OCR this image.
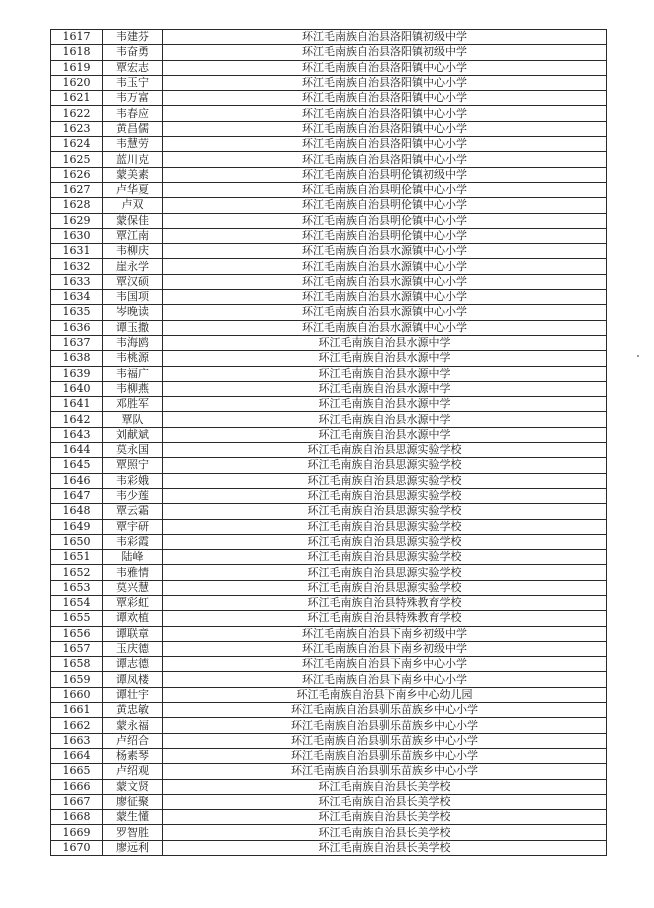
1617	韦建芬	环江毛南族自治县洛阳镇初级中学
1618	韦奋勇	环江毛南族自治县洛阳镇初级中学
1619	覃宏志	环江毛南族自治县洛阳镇中心小学
1620	韦玉宁	环江毛南族自治县洛阳镇中心小学
1621	韦万富	环江毛南族自治县洛阳镇中心小学
1622	韦春应	环江毛南族自治县洛阳镇中心小学
1623	黄昌儒	环江毛南族自治县洛阳镇中心小学
1624	韦慧劳	环江毛南族自治县洛阳镇中心小学
1625	蓝川克	环江毛南族自治县洛阳镇中心小学
1626	蒙美素	环江毛南族自治县明伦镇初级中学
1627	卢华夏	环江毛南族自治县明伦镇中心小学
1628	卢双	环江毛南族自治县明伦镇中心小学
1629	蒙保佳	环江毛南族自治县明伦镇中心小学
1630	覃江南	环江毛南族自治县明伦镇中心小学
1631	韦柳庆	环江毛南族自治县水源镇中心小学
1632	崖永学	环江毛南族自治县水源镇中心小学
1633	覃汉硕	环江毛南族自治县水源镇中心小学
1634	韦国项	环江毛南族自治县水源镇中心小学
1635	岑晚读	环江毛南族自治县水源镇中心小学
1636	谭玉撒	环江毛南族自治县水源镇中心小学
1637	韦海鸥	环江毛南族自治县水源中学
1638	韦桃源	环江毛南族自治县水源中学
1639	韦福广	环江毛南族自治县水源中学
1640	韦柳燕	环江毛南族自治县水源中学
1641	邓胜军	环江毛南族自治县水源中学
1642	覃队	环江毛南族自治县水源中学
1643	刘献斌	环江毛南族自治县水源中学
1644	莫永国	环江毛南族自治县思源实验学校
1645	覃照宁	环江毛南族自治县思源实验学校
1646	韦彩娥	环江毛南族自治县思源实验学校
1647	韦少莲	环江毛南族自治县思源实验学校
1648	覃云霜	环江毛南族自治县思源实验学校
1649	覃宇研	环江毛南族自治县思源实验学校
1650	韦彩霞	环江毛南族自治县思源实验学校
1651	陆峰	环江毛南族自治县思源实验学校
1652	韦雅情	环江毛南族自治县思源实验学校
1653	莫兴慧	环江毛南族自治县思源实验学校
1654	覃彩虹	环江毛南族自治县特殊教育学校
1655	谭欢植	环江毛南族自治县特殊教育学校
1656	谭联章	环江毛南族自治县下南乡初级中学
1657	玉庆德	环江毛南族自治县下南乡初级中学
1658	谭志德	环江毛南族自治县下南乡中心小学
1659	谭凤楼	环江毛南族自治县下南乡中心小学
1660	谭壮宇	环江毛南族自治县下南乡中心幼儿园
1661	黄忠敏	环江毛南族自治县驯乐苗族乡中心小学
1662	蒙永福	环江毛南族自治县驯乐苗族乡中心小学
1663	卢绍合	环江毛南族自治县驯乐苗族乡中心小学
1664	杨素琴	环江毛南族自治县驯乐苗族乡中心小学
1665	卢绍观	环江毛南族自治县驯乐苗族乡中心小学
1666	蒙文贤	环江毛南族自治县长美学校
1667	廖征聚	环江毛南族自治县长美学校
1668	蒙生懂	环江毛南族自治县长美学校
1669	罗智胜	环江毛南族自治县长美学校
1670	廖远利	环江毛南族自治县长美学校
